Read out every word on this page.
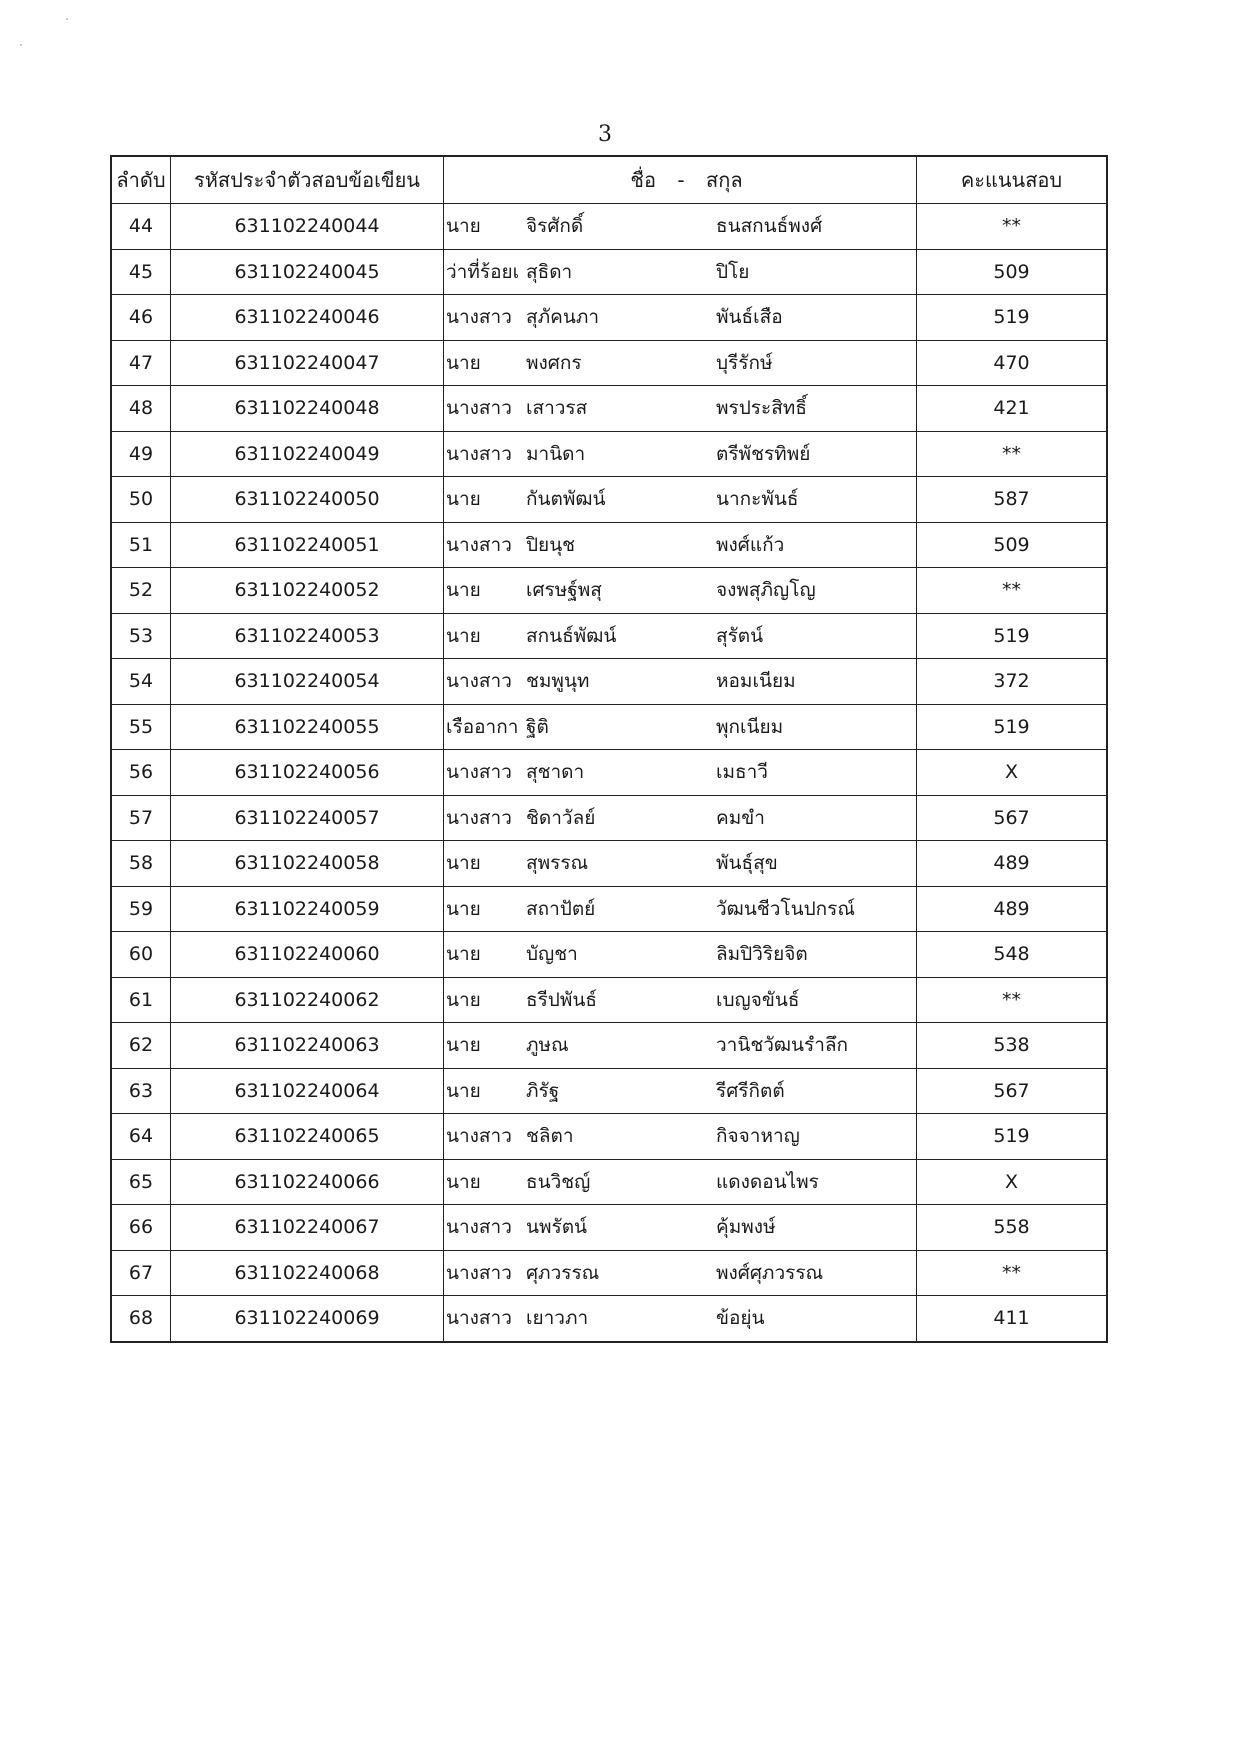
3
ลำดับ	รหัสประจำตัวสอบข้อเขียน	ชื่อ - สกุล	คะแนนสอบ
44	631102240044	นาย จิรศักดิ์ ธนสกนธ์พงศ์	**
45	631102240045	ว่าที่ร้อยเ สุธิดา ปิโย	509
46	631102240046	นางสาว สุภัคนภา พันธ์เสือ	519
47	631102240047	นาย พงศกร บุรีรักษ์	470
48	631102240048	นางสาว เสาวรส พรประสิทธิ์	421
49	631102240049	นางสาว มานิดา ตรีพัชรทิพย์	**
50	631102240050	นาย กันตพัฒน์ นากะพันธ์	587
51	631102240051	นางสาว ปิยนุช พงศ์แก้ว	509
52	631102240052	นาย เศรษฐ์พสุ จงพสุภิญโญ	**
53	631102240053	นาย สกนธ์พัฒน์ สุรัตน์	519
54	631102240054	นางสาว ชมพูนุท หอมเนียม	372
55	631102240055	เรืออากา ฐิติ พุกเนียม	519
56	631102240056	นางสาว สุชาดา เมธาวี	X
57	631102240057	นางสาว ชิดาวัลย์ คมขำ	567
58	631102240058	นาย สุพรรณ พันธุ์สุข	489
59	631102240059	นาย สถาปัตย์ วัฒนชีวโนปกรณ์	489
60	631102240060	นาย บัญชา ลิมปิวิริยจิต	548
61	631102240062	นาย ธรีปพันธ์ เบญจขันธ์	**
62	631102240063	นาย ภูษณ วานิชวัฒนรำลึก	538
63	631102240064	นาย ภิรัฐ รีศรีกิตต์	567
64	631102240065	นางสาว ชลิตา กิจจาหาญ	519
65	631102240066	นาย ธนวิชญ์ แดงดอนไพร	X
66	631102240067	นางสาว นพรัตน์ คุ้มพงษ์	558
67	631102240068	นางสาว ศุภวรรณ พงศ์ศุภวรรณ	**
68	631102240069	นางสาว เยาวภา ข้อยุ่น	411
